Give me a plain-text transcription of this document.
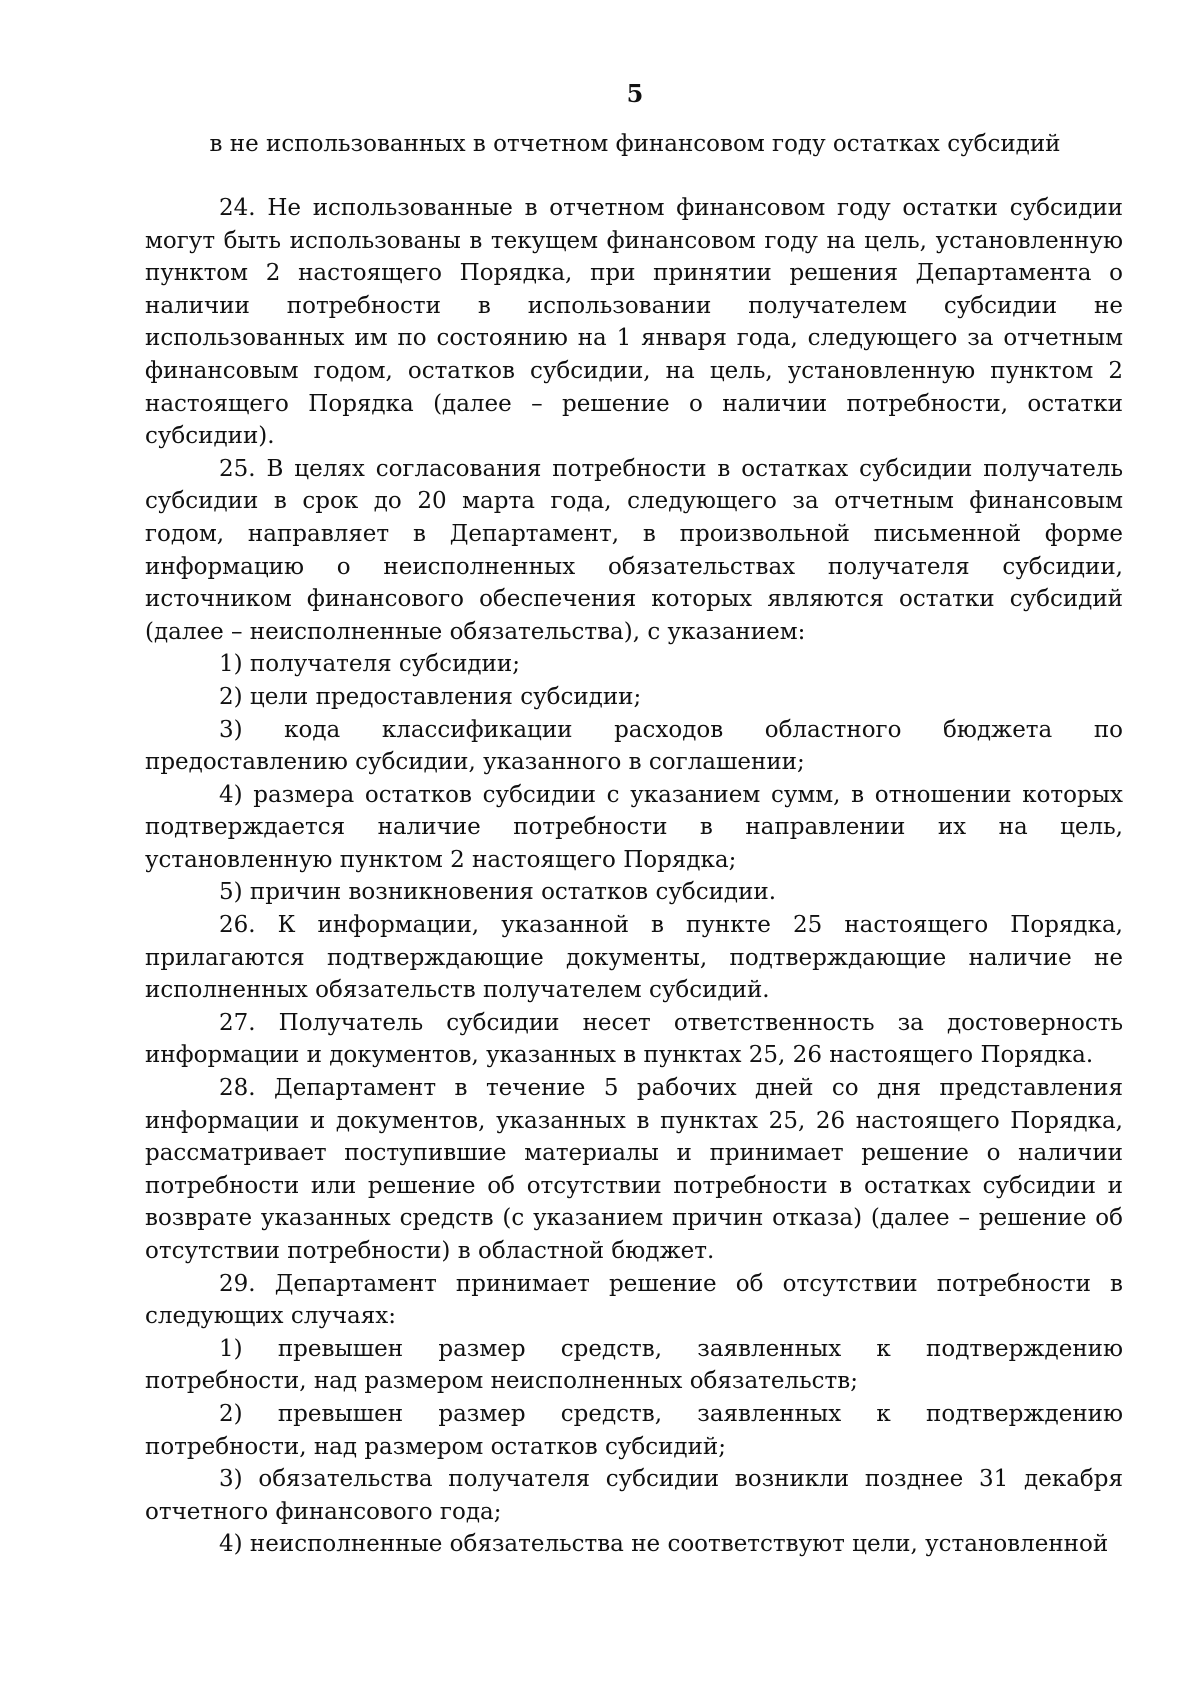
5
в не использованных в отчетном финансовом году остатках субсидий

24. Не использованные в отчетном финансовом году остатки субсидии могут быть использованы в текущем финансовом году на цель, установленную пунктом 2 настоящего Порядка, при принятии решения Департамента о наличии потребности в использовании получателем субсидии не использованных им по состоянию на 1 января года, следующего за отчетным финансовым годом, остатков субсидии, на цель, установленную пунктом 2 настоящего Порядка (далее – решение о наличии потребности, остатки субсидии).

25. В целях согласования потребности в остатках субсидии получатель субсидии в срок до 20 марта года, следующего за отчетным финансовым годом, направляет в Департамент, в произвольной письменной форме информацию о неисполненных обязательствах получателя субсидии, источником финансового обеспечения которых являются остатки субсидий (далее – неисполненные обязательства), с указанием:

1) получателя субсидии;

2) цели предоставления субсидии;

3) кода классификации расходов областного бюджета по предоставлению субсидии, указанного в соглашении;

4) размера остатков субсидии с указанием сумм, в отношении которых подтверждается наличие потребности в направлении их на цель, установленную пунктом 2 настоящего Порядка;

5) причин возникновения остатков субсидии.

26. К информации, указанной в пункте 25 настоящего Порядка, прилагаются подтверждающие документы, подтверждающие наличие не исполненных обязательств получателем субсидий.

27. Получатель субсидии несет ответственность за достоверность информации и документов, указанных в пунктах 25, 26 настоящего Порядка.

28. Департамент в течение 5 рабочих дней со дня представления информации и документов, указанных в пунктах 25, 26 настоящего Порядка, рассматривает поступившие материалы и принимает решение о наличии потребности или решение об отсутствии потребности в остатках субсидии и возврате указанных средств (с указанием причин отказа) (далее – решение об отсутствии потребности) в областной бюджет.

29. Департамент принимает решение об отсутствии потребности в следующих случаях:

1) превышен размер средств, заявленных к подтверждению потребности, над размером неисполненных обязательств;

2) превышен размер средств, заявленных к подтверждению потребности, над размером остатков субсидий;

3) обязательства получателя субсидии возникли позднее 31 декабря отчетного финансового года;

4) неисполненные обязательства не соответствуют цели, установленной
